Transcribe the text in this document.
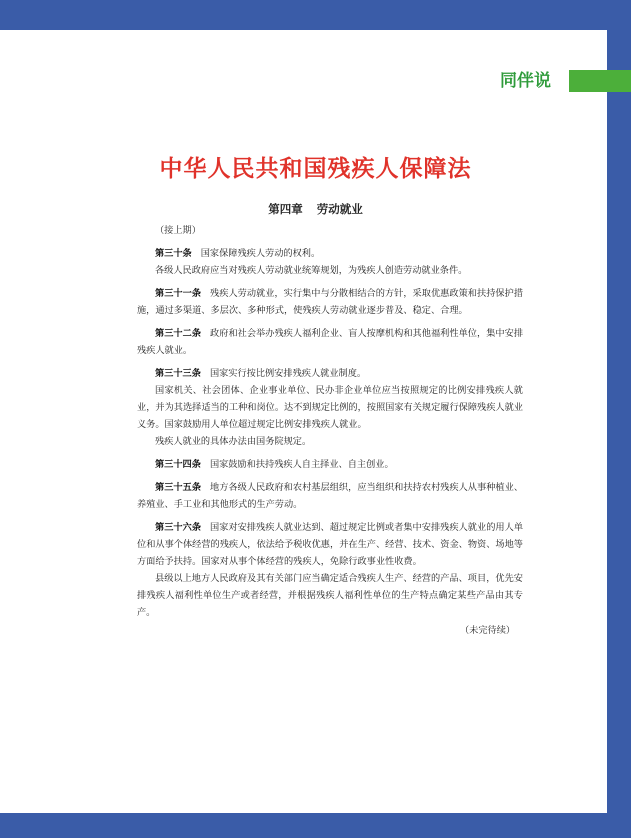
同伴说
中华人民共和国残疾人保障法
第四章 劳动就业
（接上期）
第三十条 国家保障残疾人劳动的权利。
各级人民政府应当对残疾人劳动就业统筹规划，为残疾人创造劳动就业条件。
第三十一条 残疾人劳动就业，实行集中与分散相结合的方针，采取优惠政策和扶持保护措施，通过多渠道、多层次、多种形式，使残疾人劳动就业逐步普及、稳定、合理。
第三十二条 政府和社会举办残疾人福利企业、盲人按摩机构和其他福利性单位，集中安排残疾人就业。
第三十三条 国家实行按比例安排残疾人就业制度。
国家机关、社会团体、企业事业单位、民办非企业单位应当按照规定的比例安排残疾人就业，并为其选择适当的工种和岗位。达不到规定比例的，按照国家有关规定履行保障残疾人就业义务。国家鼓励用人单位超过规定比例安排残疾人就业。
残疾人就业的具体办法由国务院规定。
第三十四条 国家鼓励和扶持残疾人自主择业、自主创业。
第三十五条 地方各级人民政府和农村基层组织，应当组织和扶持农村残疾人从事种植业、养殖业、手工业和其他形式的生产劳动。
第三十六条 国家对安排残疾人就业达到、超过规定比例或者集中安排残疾人就业的用人单位和从事个体经营的残疾人，依法给予税收优惠，并在生产、经营、技术、资金、物资、场地等方面给予扶持。国家对从事个体经营的残疾人，免除行政事业性收费。
县级以上地方人民政府及其有关部门应当确定适合残疾人生产、经营的产品、项目，优先安排残疾人福利性单位生产或者经营，并根据残疾人福利性单位的生产特点确定某些产品由其专产。
（未完待续）
